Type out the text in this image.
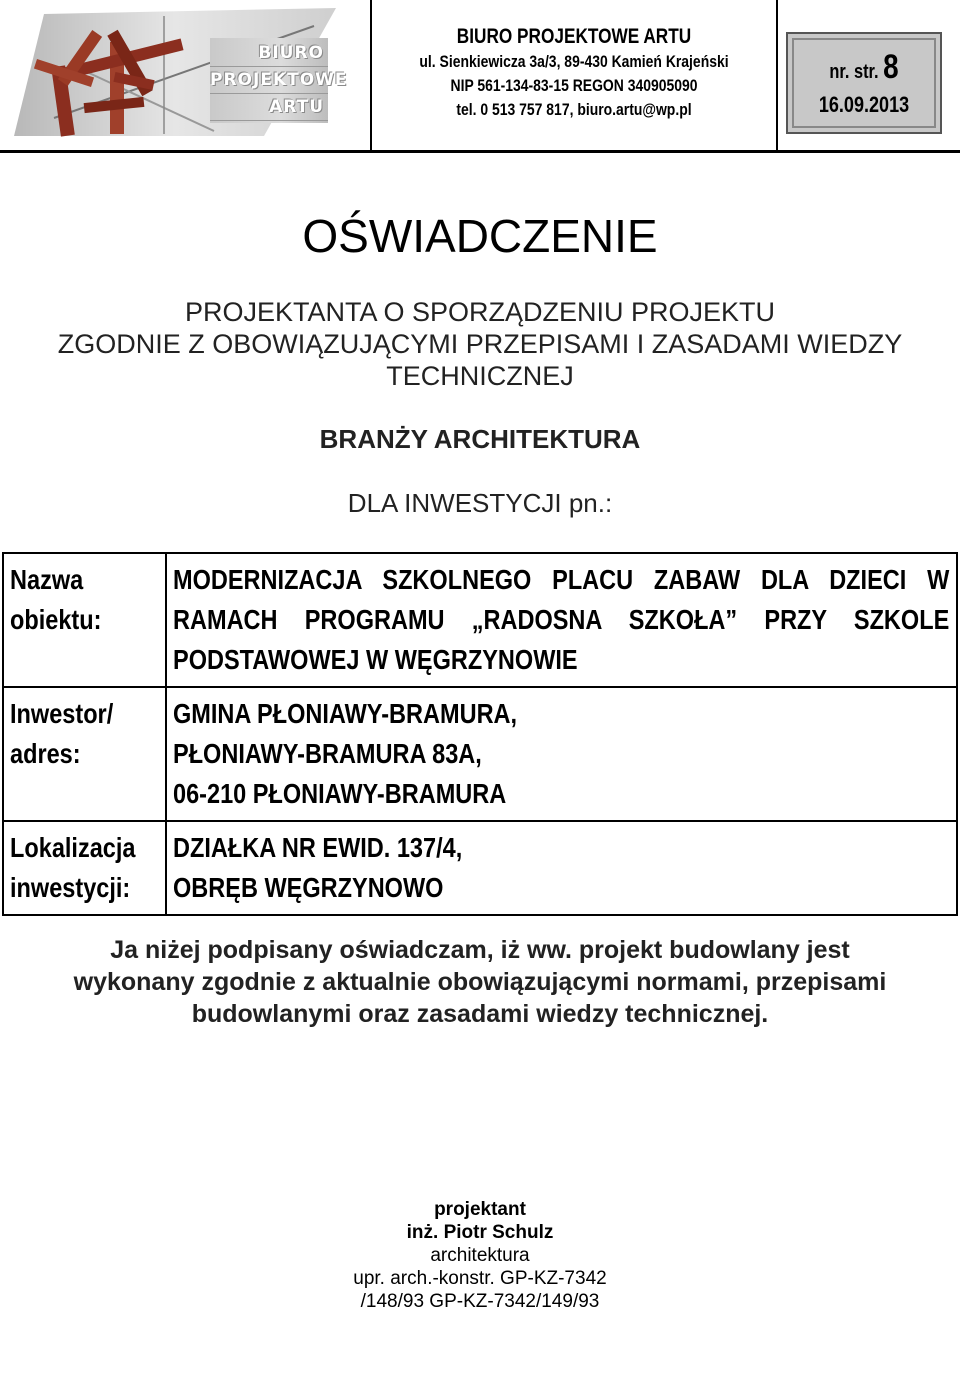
BIURO
PROJEKTOWE
ARTU
BIURO PROJEKTOWE ARTU
ul. Sienkiewicza 3a/3, 89-430 Kamień Krajeński
NIP 561-134-83-15 REGON 340905090
tel. 0 513 757 817, biuro.artu@wp.pl
nr. str. 8
16.09.2013
OŚWIADCZENIE
PROJEKTANTA O SPORZĄDZENIU PROJEKTU
ZGODNIE Z OBOWIĄZUJĄCYMI PRZEPISAMI I ZASADAMI WIEDZY
TECHNICZNEJ
BRANŻY ARCHITEKTURA
DLA INWESTYCJI pn.:
Nazwa
obiektu:	MODERNIZACJA SZKOLNEGO PLACU ZABAW DLA DZIECI W RAMACH PROGRAMU „RADOSNA SZKOŁA” PRZY SZKOLE PODSTAWOWEJ W WĘGRZYNOWIE

Inwestor/
adres:	GMINA PŁONIAWY-BRAMURA,
PŁONIAWY-BRAMURA 83A,
06-210 PŁONIAWY-BRAMURA
Lokalizacja
inwestycji:	DZIAŁKA NR EWID. 137/4,
OBRĘB WĘGRZYNOWO
Ja niżej podpisany oświadczam, iż ww. projekt budowlany jest
wykonany zgodnie z aktualnie obowiązującymi normami, przepisami
budowlanymi oraz zasadami wiedzy technicznej.
projektant
inż. Piotr Schulz
architektura
upr. arch.-konstr. GP-KZ-7342
/148/93 GP-KZ-7342/149/93
